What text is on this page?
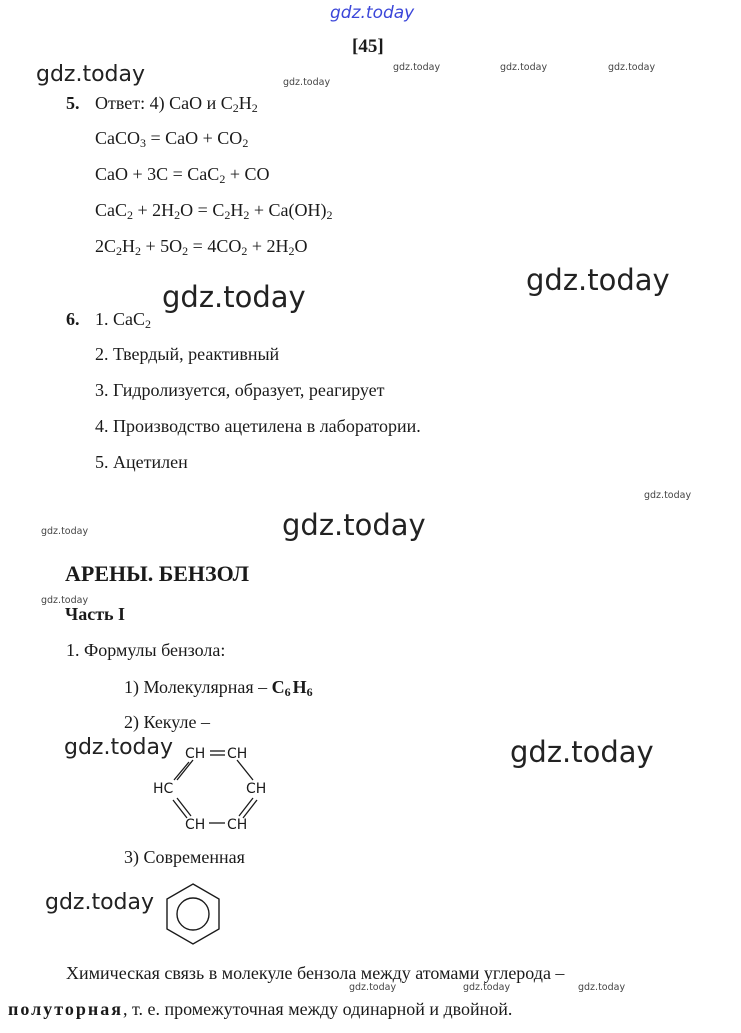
gdz.today
gdz.today	gdz.today
gdz.today	gdz.today	gdz.today
gdz.today
gdz.today
gdz.today
gdz.today
gdz.today
gdz.today
gdz.today	gdz.today
gdz.today
gdz.today	gdz.today	gdz.today
[45]
5. Ответ: 4) CaO и $C_2H_2$
CaCO$_3$ = CaO + $CO_2$
CaO + 3C = CaC$_2$ + CO
$CaC_2 + 2H_2O = C_2H_2 + Ca(OH)_2$
$2C_2H_2 + 5O_2 = 4CO_2 + 2H_2O$
6. 1. CaC$_2$
2. Твердый, реактивный
3. Гидролизуется, образует, реагирует
4. Производство ацетилена в лаборатории.
5. Ацетилен
АРЕНЫ. БЕНЗОЛ
Часть I
1. Формулы бензола:
1) Молекулярная – $C_6$ $H_6$
2) Кекуле –
CH CH
HC	CH
CH CH
3) Современная
Химическая связь в молекуле бензола между атомами углерода –
полуторная, т. е. промежуточная между одинарной и двойной.
